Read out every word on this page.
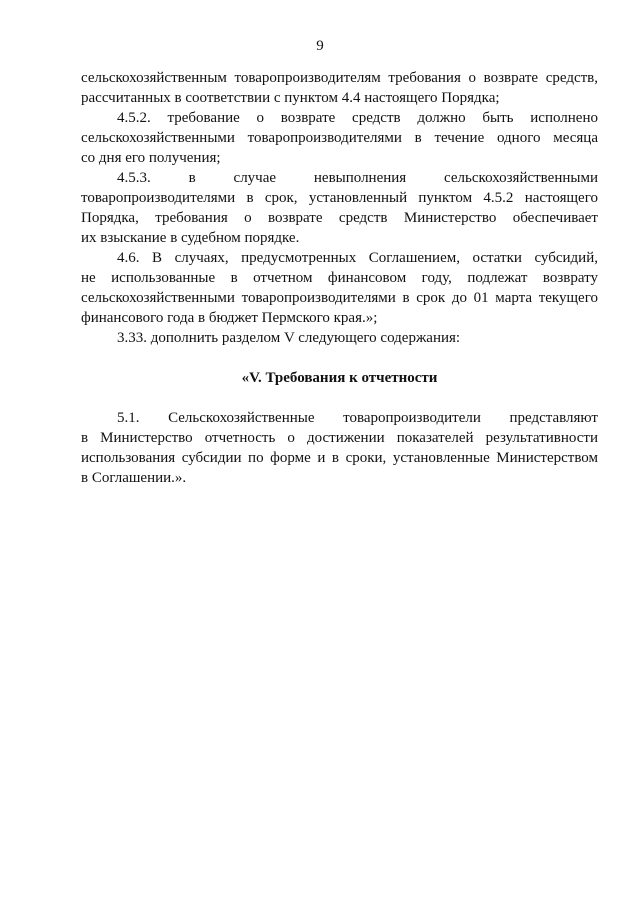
9

сельскохозяйственным товаропроизводителям требования о возврате средств,
рассчитанных в соответствии с пунктом 4.4 настоящего Порядка;

4.5.2. требование о возврате средств должно быть исполнено
сельскохозяйственными товаропроизводителями в течение одного месяца
со дня его получения;

4.5.3. в случае невыполнения сельскохозяйственными
товаропроизводителями в срок, установленный пунктом 4.5.2 настоящего
Порядка, требования о возврате средств Министерство обеспечивает
их взыскание в судебном порядке.

4.6. В случаях, предусмотренных Соглашением, остатки субсидий,
не использованные в отчетном финансовом году, подлежат возврату
сельскохозяйственными товаропроизводителями в срок до 01 марта текущего
финансового года в бюджет Пермского края.»;

3.33. дополнить разделом V следующего содержания:

«V. Требования к отчетности

5.1. Сельскохозяйственные товаропроизводители представляют
в Министерство отчетность о достижении показателей результативности
использования субсидии по форме и в сроки, установленные Министерством
в Соглашении.».
